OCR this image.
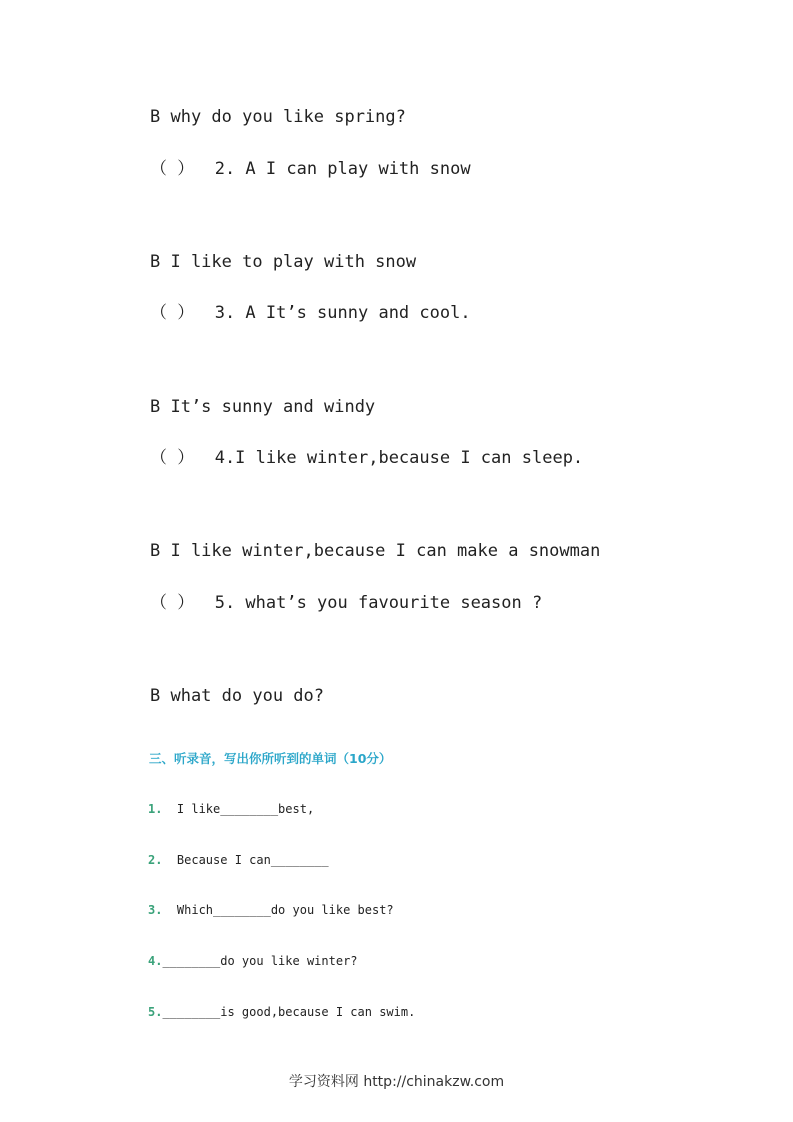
B why do you like spring?
（ ）  2. A I can play with snow
B I like to play with snow
（ ）  3. A It’s sunny and cool.
B It’s sunny and windy
（ ）  4.I like winter,because I can sleep.
B I like winter,because I can make a snowman
（ ）  5. what’s you favourite season ?
B what do you do?
三、听录音，写出你所听到的单词（10分）
1.  I like________best,
2.  Because I can________
3.  Which________do you like best?
4.________do you like winter?
5.________is good,because I can swim.
学习资料网 http://chinakzw.com
